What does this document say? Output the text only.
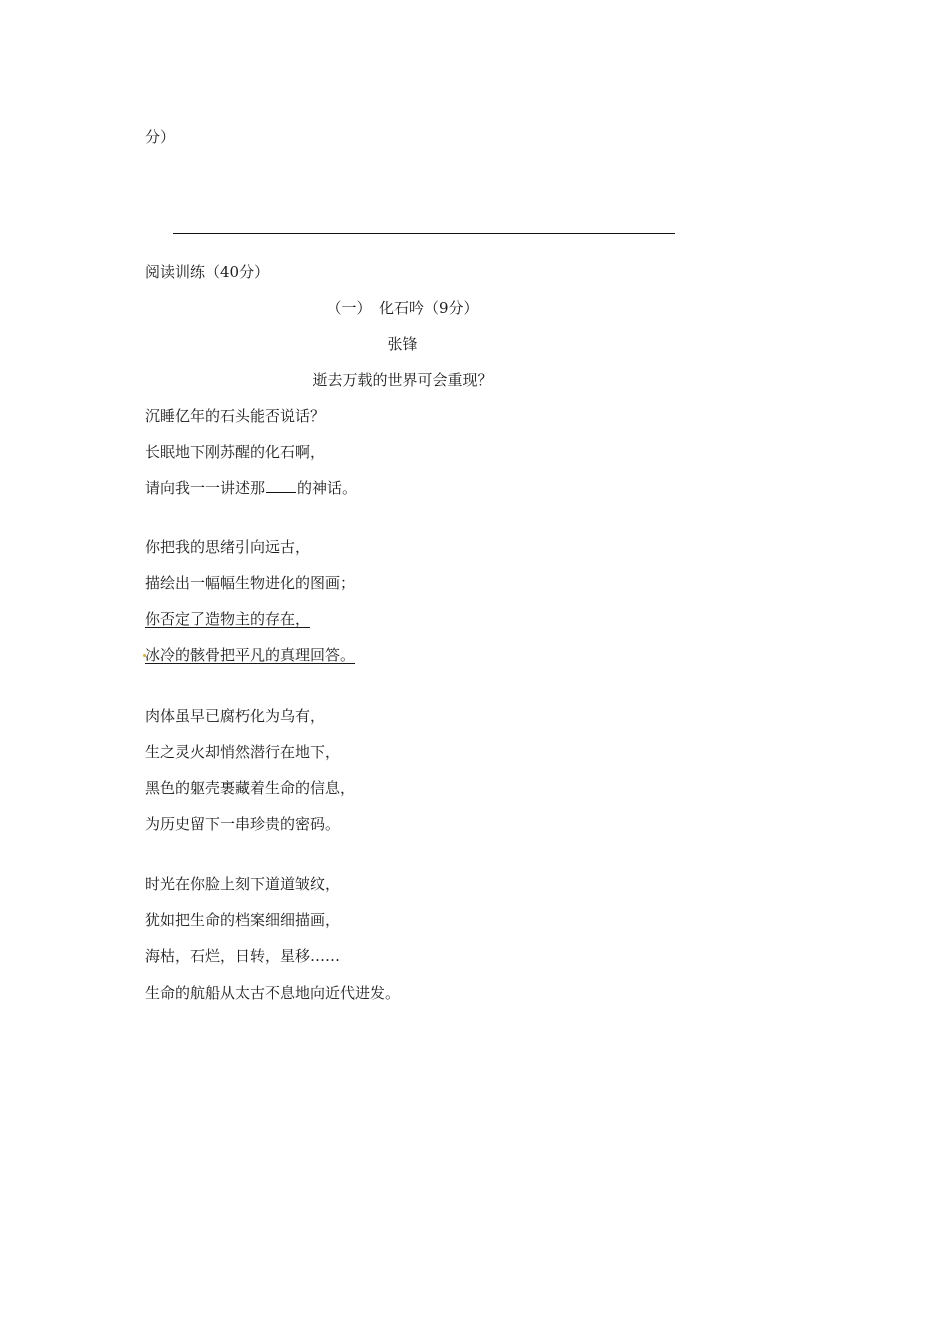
分）
阅读训练（40分）
（一）　化石吟（9分）
张锋
逝去万载的世界可会重现？
沉睡亿年的石头能否说话？
长眠地下刚苏醒的化石啊，
请向我一一讲述那 的神话。
你把我的思绪引向远古，
描绘出一幅幅生物进化的图画；
你否定了造物主的存在，
冰冷的骸骨把平凡的真理回答。
肉体虽早已腐朽化为乌有，
生之灵火却悄然潜行在地下，
黑色的躯壳裹藏着生命的信息，
为历史留下一串珍贵的密码。
时光在你脸上刻下道道皱纹，
犹如把生命的档案细细描画，
海枯，石烂，日转，星移……
生命的航船从太古不息地向近代进发。
